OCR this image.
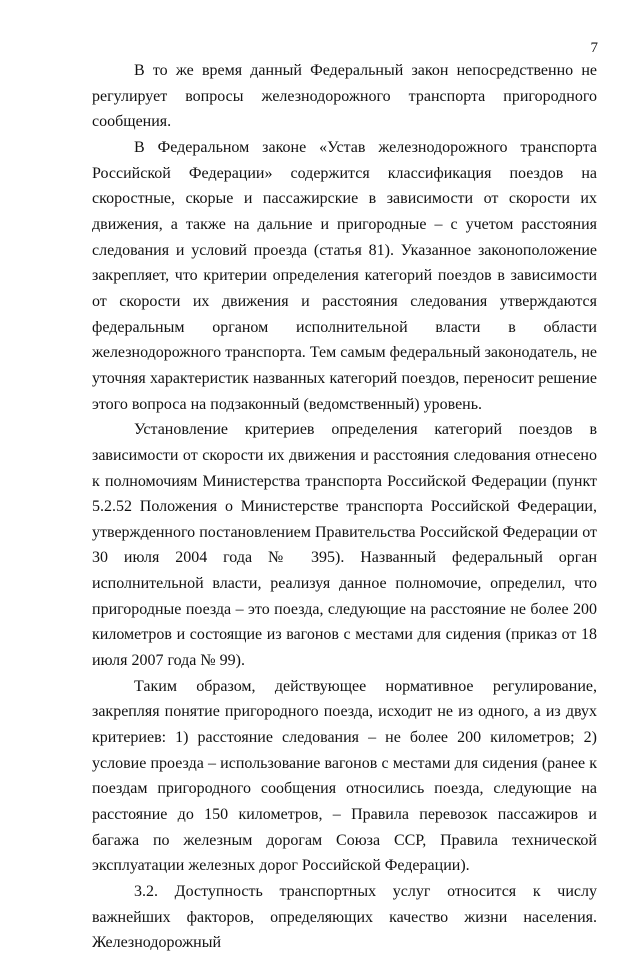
7

В то же время данный Федеральный закон непосредственно не регулирует вопросы железнодорожного транспорта пригородного сообщения.

В Федеральном законе «Устав железнодорожного транспорта Российской Федерации» содержится классификация поездов на скоростные, скорые и пассажирские в зависимости от скорости их движения, а также на дальние и пригородные – с учетом расстояния следования и условий проезда (статья 81). Указанное законоположение закрепляет, что критерии определения категорий поездов в зависимости от скорости их движения и расстояния следования утверждаются федеральным органом исполнительной власти в области железнодорожного транспорта. Тем самым федеральный законодатель, не уточняя характеристик названных категорий поездов, переносит решение этого вопроса на подзаконный (ведомственный) уровень.

Установление критериев определения категорий поездов в зависимости от скорости их движения и расстояния следования отнесено к полномочиям Министерства транспорта Российской Федерации (пункт 5.2.52 Положения о Министерстве транспорта Российской Федерации, утвержденного постановлением Правительства Российской Федерации от 30 июля 2004 года № 395). Названный федеральный орган исполнительной власти, реализуя данное полномочие, определил, что пригородные поезда – это поезда, следующие на расстояние не более 200 километров и состоящие из вагонов с местами для сидения (приказ от 18 июля 2007 года № 99).

Таким образом, действующее нормативное регулирование, закрепляя понятие пригородного поезда, исходит не из одного, а из двух критериев: 1) расстояние следования – не более 200 километров; 2) условие проезда – использование вагонов с местами для сидения (ранее к поездам пригородного сообщения относились поезда, следующие на расстояние до 150 километров, – Правила перевозок пассажиров и багажа по железным дорогам Союза ССР, Правила технической эксплуатации железных дорог Российской Федерации).

3.2. Доступность транспортных услуг относится к числу важнейших факторов, определяющих качество жизни населения. Железнодорожный
